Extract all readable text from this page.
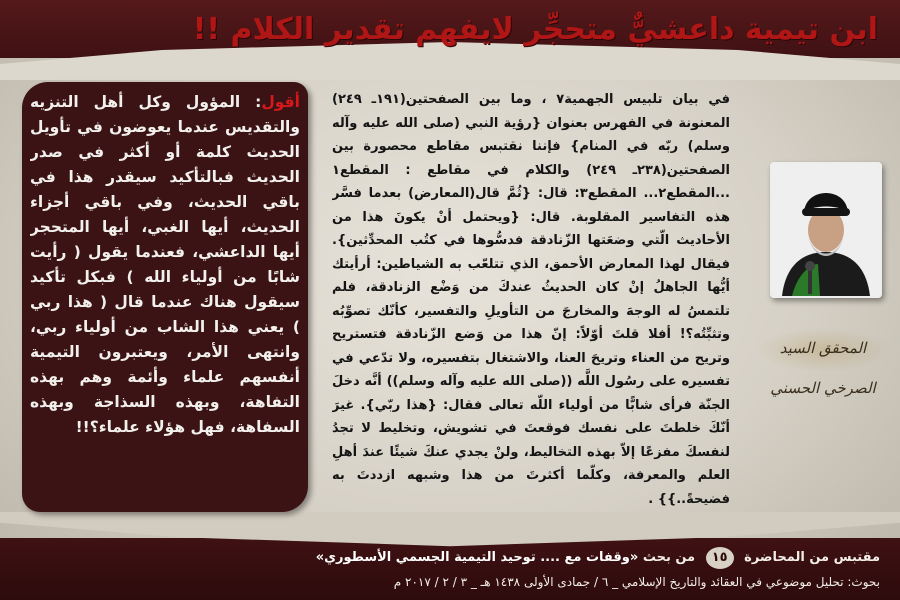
ابن تيمية داعشيٌّ متحجِّر لايفهم تقدير الكلام !!
أقول: المؤول وكل أهل التنزيه والتقديس عندما يعوضون في تأويل الحديث كلمة أو أكثر في صدر الحديث فبالتأكيد سيقدر هذا في باقي الحديث، وفي باقي أجزاء الحديث، أيها الغبي، أيها المتحجر أيها الداعشي، فعندما يقول ( رأيت شابًا من أولياء الله ) فبكل تأكيد سيقول هناك عندما قال ( هذا ربي ) يعني هذا الشاب من أولياء ربي، وانتهى الأمر، ويعتبرون التيمية أنفسهم علماء وأئمة وهم بهذه التفاهة، وبهذه السذاجة وبهذه السفاهة، فهل هؤلاء علماء؟!!
في بيان تلبيس الجهمية٧ ، وما بين الصفحتين(١٩١ـ ٢٤٩) المعنونة في الفهرس بعنوان {رؤية النبي (صلى الله عليه وآله وسلم) ربّه في المنام} فإننا نقتبس مقاطع محصورة بين الصفحتين(٢٣٨ـ ٢٤٩) والكلام في مقاطع : المقطع١ ...المقطع٢... المقطع٣: قال: {ثُمَّ قال(المعارض) بعدما فسَّر هذه التفاسير المقلوبة. قال: {ويحتمل أنْ يكونَ هذا من الأحاديث الّتي وضعَتها الزّنادقة فدسُّوها في كتُب المحدِّثين}. فيقال لهذا المعارض الأحمق، الذي تتلعّب به الشياطين: أرأيتك أيُّها الجاهلُ إنْ كان الحديثُ عندكَ من وَضْع الزنادقة، فلم تلتمسُ له الوجهَ والمخارجَ من التأويلِ والتفسير، كأنّك تصوِّبُه وتثبِّتُه؟! أفلا قلتَ أوّلاً: إنّ هذا من وَضع الزّنادقة فتستريح وتريح من العناء وتريحَ العنا، والاشتغال بتفسيره، ولا تدّعي في تفسيره على رسُول اللَّه ((صلى الله عليه وآله وسلم)) أنَّه دخلَ الجنّة فرأى شابًّا من أولياء اللّه تعالى فقال: {هذا ربّي}. غيرَ أنّكَ خلطتَ على نفسك فوقعتَ في تشويش، وتخليط لا تجدُ لنفسكَ مفزعًا إلاّ بهذه التخاليط، ولنْ يجدي عنكَ شيئًا عندَ أهلِ العلم والمعرفة، وكلّما أكثرتَ من هذا وشبهه ازددتَ به فضيحةً..}} .
المحقق السيد الصرخي الحسني
مقتبس من المحاضرة ١٥ من بحث «وقفات مع .... توحيد التيمية الجسمي الأسطوري»
بحوث: تحليل موضوعي في العقائد والتاريخ الإسلامي _ ٦ / جمادى الأولى ١٤٣٨ هـ _ ٣ / ٢ / ٢٠١٧ م
